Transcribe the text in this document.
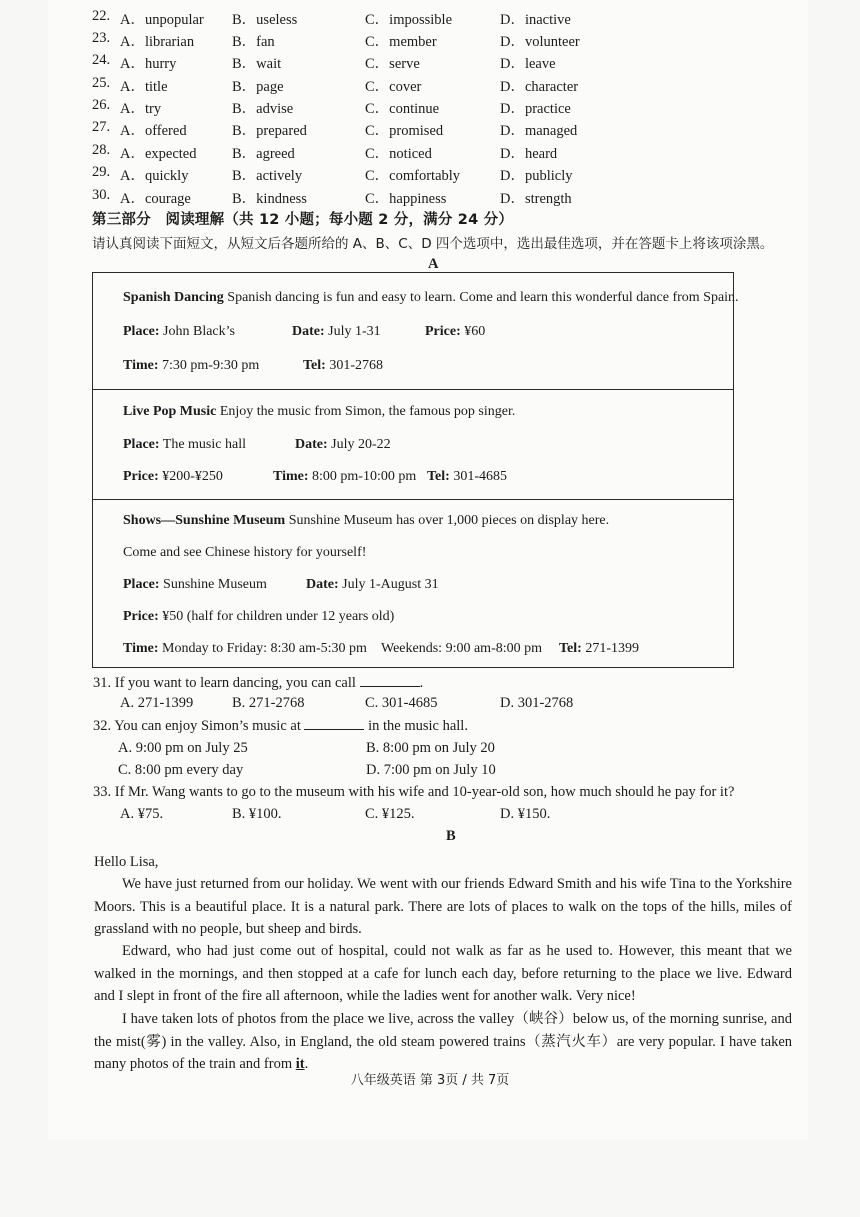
22. A．unpopular B．useless	C．impossible	D．inactive
23. A．librarian	B．fan	C．member	D．volunteer
24. A．hurry	B．wait	C．serve	D．leave
25. A．title	B．page	C．cover	D．character
26. A．try	B．advise	C．continue	D．practice
27. A．offered	B．prepared	C．promised	D．managed
28. A．expected B．agreed	C．noticed	D．heard
29. A．quickly	B．actively	C．comfortably	D．publicly
30. A．courage	B．kindness	C．happiness	D．strength
第三部分　阅读理解（共 12 小题；每小题 2 分，满分 24 分）
请认真阅读下面短文，从短文后各题所给的 A、B、C、D 四个选项中，选出最佳选项，并在答题卡上将该项涂黑。
A
Spanish Dancing Spanish dancing is fun and easy to learn. Come and learn this wonderful dance from Spain.
Place: John Black’s	Date: July 1-31	Price: ¥60
Time: 7:30 pm-9:30 pm	Tel: 301-2768
Live Pop Music Enjoy the music from Simon, the famous pop singer.
Place: The music hall	Date: July 20-22
Price: ¥200-¥250	Time: 8:00 pm-10:00 pm Tel: 301-4685
Shows—Sunshine Museum Sunshine Museum has over 1,000 pieces on display here.
Come and see Chinese history for yourself!
Place: Sunshine Museum	Date: July 1-August 31
Price: ¥50 (half for children under 12 years old)
Time: Monday to Friday: 8:30 am-5:30 pm Weekends: 9:00 am-8:00 pm Tel: 271-1399
31. If you want to learn dancing, you can call	.
A. 271-1399	B. 271-2768	C. 301-4685	D. 301-2768
32. You can enjoy Simon’s music at	in the music hall.
A. 9:00 pm on July 25	B. 8:00 pm on July 20
C. 8:00 pm every day	D. 7:00 pm on July 10
33. If Mr. Wang wants to go to the museum with his wife and 10-year-old son, how much should he pay for it?
A. ¥75.	B. ¥100.	C. ¥125.	D. ¥150.
B
Hello Lisa,
We have just returned from our holiday. We went with our friends Edward Smith and his wife Tina to the Yorkshire Moors. This is a beautiful place. It is a natural park. There are lots of places to walk on the tops of the hills, miles of grassland with no people, but sheep and birds.
Edward, who had just come out of hospital, could not walk as far as he used to. However, this meant that we walked in the mornings, and then stopped at a cafe for lunch each day, before returning to the place we live. Edward and I slept in front of the fire all afternoon, while the ladies went for another walk. Very nice!
I have taken lots of photos from the place we live, across the valley（峡谷）below us, of the morning sunrise, and the mist(雾) in the valley. Also, in England, the old steam powered trains（蒸汽火车）are very popular. I have taken many photos of the train and from it.
八年级英语 第 3页 / 共 7页
